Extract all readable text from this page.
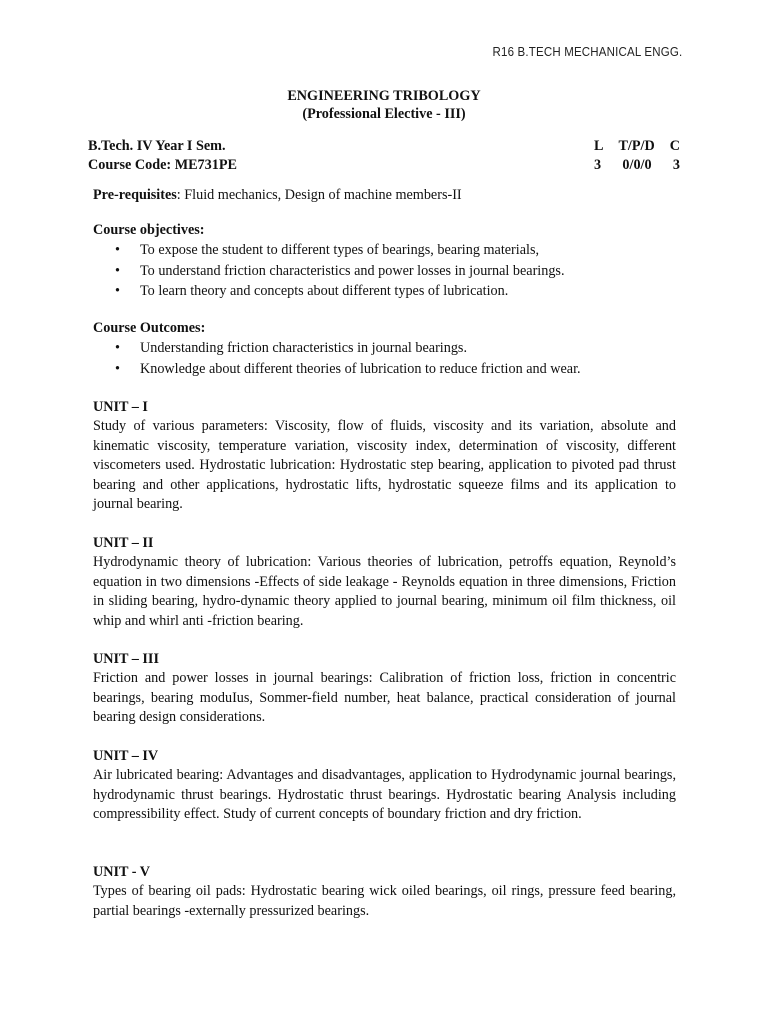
R16 B.TECH MECHANICAL ENGG.
ENGINEERING TRIBOLOGY
(Professional Elective - III)
B.Tech. IV Year I Sem.	L T/P/D C
Course Code: ME731PE	3 0/0/0 3
Pre-requisites: Fluid mechanics, Design of machine members-II
Course objectives:
• To expose the student to different types of bearings, bearing materials,
• To understand friction characteristics and power losses in journal bearings.
• To learn theory and concepts about different types of lubrication.
Course Outcomes:
• Understanding friction characteristics in journal bearings.
• Knowledge about different theories of lubrication to reduce friction and wear.
UNIT – I
Study of various parameters: Viscosity, flow of fluids, viscosity and its variation, absolute and kinematic viscosity, temperature variation, viscosity index, determination of viscosity, different viscometers used. Hydrostatic lubrication: Hydrostatic step bearing, application to pivoted pad thrust bearing and other applications, hydrostatic lifts, hydrostatic squeeze films and its application to journal bearing.
UNIT – II
Hydrodynamic theory of lubrication: Various theories of lubrication, petroffs equation, Reynold’s equation in two dimensions -Effects of side leakage - Reynolds equation in three dimensions, Friction in sliding bearing, hydro-dynamic theory applied to journal bearing, minimum oil film thickness, oil whip and whirl anti -friction bearing.
UNIT – III
Friction and power losses in journal bearings: Calibration of friction loss, friction in concentric bearings, bearing moduIus, Sommer-field number, heat balance, practical consideration of journal bearing design considerations.
UNIT – IV
Air lubricated bearing: Advantages and disadvantages, application to Hydrodynamic journal bearings, hydrodynamic thrust bearings. Hydrostatic thrust bearings. Hydrostatic bearing Analysis including compressibility effect. Study of current concepts of boundary friction and dry friction.
UNIT - V
Types of bearing oil pads: Hydrostatic bearing wick oiled bearings, oil rings, pressure feed bearing, partial bearings -externally pressurized bearings.
